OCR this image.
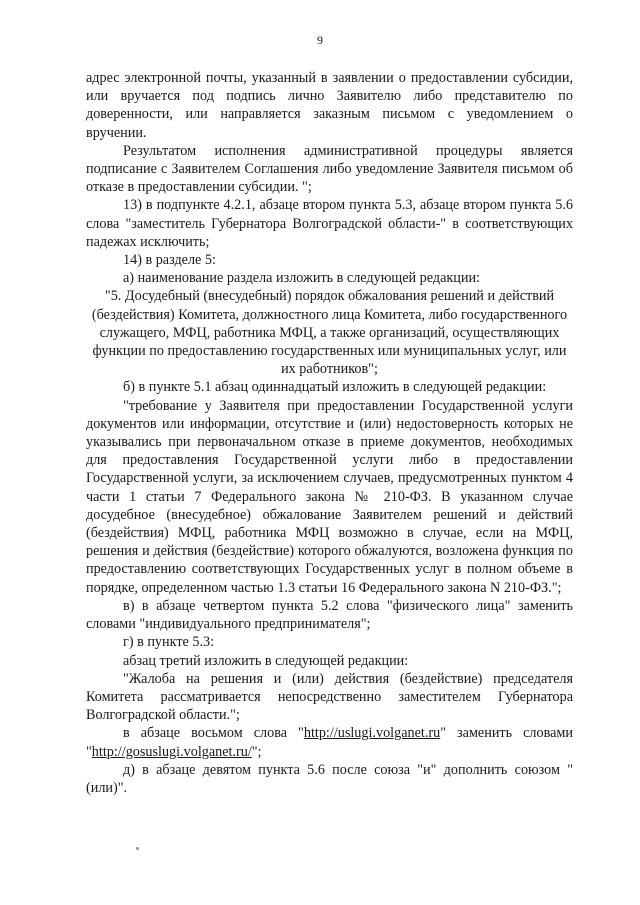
9

адрес электронной почты, указанный в заявлении о предоставлении субсидии, или вручается под подпись лично Заявителю либо представителю по доверенности, или направляется заказным письмом с уведомлением о вручении.

Результатом исполнения административной процедуры является подписание с Заявителем Соглашения либо уведомление Заявителя письмом об отказе в предоставлении субсидии. ";

13) в подпункте 4.2.1, абзаце втором пункта 5.3, абзаце втором пункта 5.6 слова "заместитель Губернатора Волгоградской области-" в соответствующих падежах исключить;

14) в разделе 5:

а) наименование раздела изложить в следующей редакции:

"5. Досудебный (внесудебный) порядок обжалования решений и действий (бездействия) Комитета, должностного лица Комитета, либо государственного служащего, МФЦ, работника МФЦ, а также организаций, осуществляющих функции по предоставлению государственных или муниципальных услуг, или их работников";

б) в пункте 5.1 абзац одиннадцатый изложить в следующей редакции:

"требование у Заявителя при предоставлении Государственной услуги документов или информации, отсутствие и (или) недостоверность которых не указывались при первоначальном отказе в приеме документов, необходимых для предоставления Государственной услуги либо в предоставлении Государственной услуги, за исключением случаев, предусмотренных пунктом 4 части 1 статьи 7 Федерального закона № 210-ФЗ. В указанном случае досудебное (внесудебное) обжалование Заявителем решений и действий (бездействия) МФЦ, работника МФЦ возможно в случае, если на МФЦ, решения и действия (бездействие) которого обжалуются, возложена функция по предоставлению соответствующих Государственных услуг в полном объеме в порядке, определенном частью 1.3 статьи 16 Федерального закона N 210-ФЗ.";

в) в абзаце четвертом пункта 5.2 слова "физического лица" заменить словами "индивидуального предпринимателя";

г) в пункте 5.3:

абзац третий изложить в следующей редакции:

"Жалоба на решения и (или) действия (бездействие) председателя Комитета рассматривается непосредственно заместителем Губернатора Волгоградской области.";

в абзаце восьмом слова "http://uslugi.volganet.ru" заменить словами "http://gosuslugi.volganet.ru/";

д) в абзаце девятом пункта 5.6 после союза "и" дополнить союзом "(или)".
